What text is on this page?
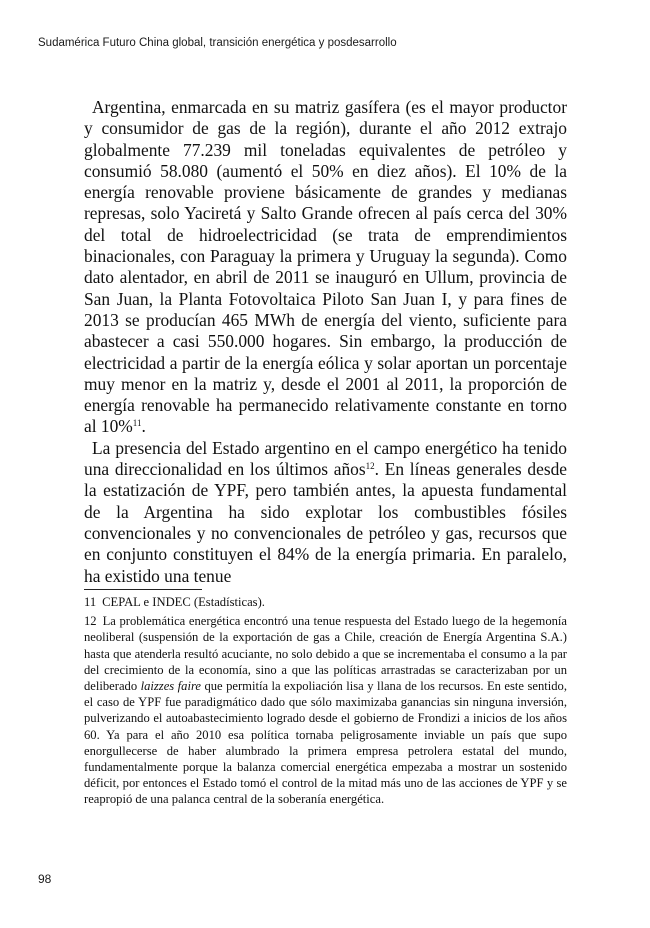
Sudamérica Futuro China global, transición energética y posdesarrollo

Argentina, enmarcada en su matriz gasífera (es el mayor productor y consumidor de gas de la región), durante el año 2012 extrajo globalmente 77.239 mil toneladas equivalentes de petróleo y consumió 58.080 (aumentó el 50% en diez años). El 10% de la energía renovable proviene básicamente de grandes y medianas represas, solo Yaciretá y Salto Grande ofrecen al país cerca del 30% del total de hidroelectricidad (se trata de emprendimientos binacionales, con Paraguay la primera y Uruguay la segunda). Como dato alentador, en abril de 2011 se inauguró en Ullum, provincia de San Juan, la Planta Fotovoltaica Piloto San Juan I, y para fines de 2013 se producían 465 MWh de energía del viento, suficiente para abastecer a casi 550.000 hogares. Sin embargo, la producción de electricidad a partir de la energía eólica y solar aportan un porcentaje muy menor en la matriz y, desde el 2001 al 2011, la proporción de energía renovable ha permanecido relativamente constante en torno al 10%$^{11}$.

La presencia del Estado argentino en el campo energético ha tenido una direccionalidad en los últimos años$^{12}$. En líneas generales desde la estatización de YPF, pero también antes, la apuesta fundamental de la Argentina ha sido explotar los combustibles fósiles convencionales y no convencionales de petróleo y gas, recursos que en conjunto constituyen el 84% de la energía primaria. En paralelo, ha existido una tenue

11 CEPAL e INDEC (Estadísticas).

12 La problemática energética encontró una tenue respuesta del Estado luego de la hegemonía neoliberal (suspensión de la exportación de gas a Chile, creación de Energía Argentina S.A.) hasta que atenderla resultó acuciante, no solo debido a que se incrementaba el consumo a la par del crecimiento de la economía, sino a que las políticas arrastradas se caracterizaban por un deliberado laizzes faire que permitía la expoliación lisa y llana de los recursos. En este sentido, el caso de YPF fue paradigmático dado que sólo maximizaba ganancias sin ninguna inversión, pulverizando el autoabastecimiento logrado desde el gobierno de Frondizi a inicios de los años 60. Ya para el año 2010 esa política tornaba peligrosamente inviable un país que supo enorgullecerse de haber alumbrado la primera empresa petrolera estatal del mundo, fundamentalmente porque la balanza comercial energética empezaba a mostrar un sostenido déficit, por entonces el Estado tomó el control de la mitad más uno de las acciones de YPF y se reapropió de una palanca central de la soberanía energética.

98
